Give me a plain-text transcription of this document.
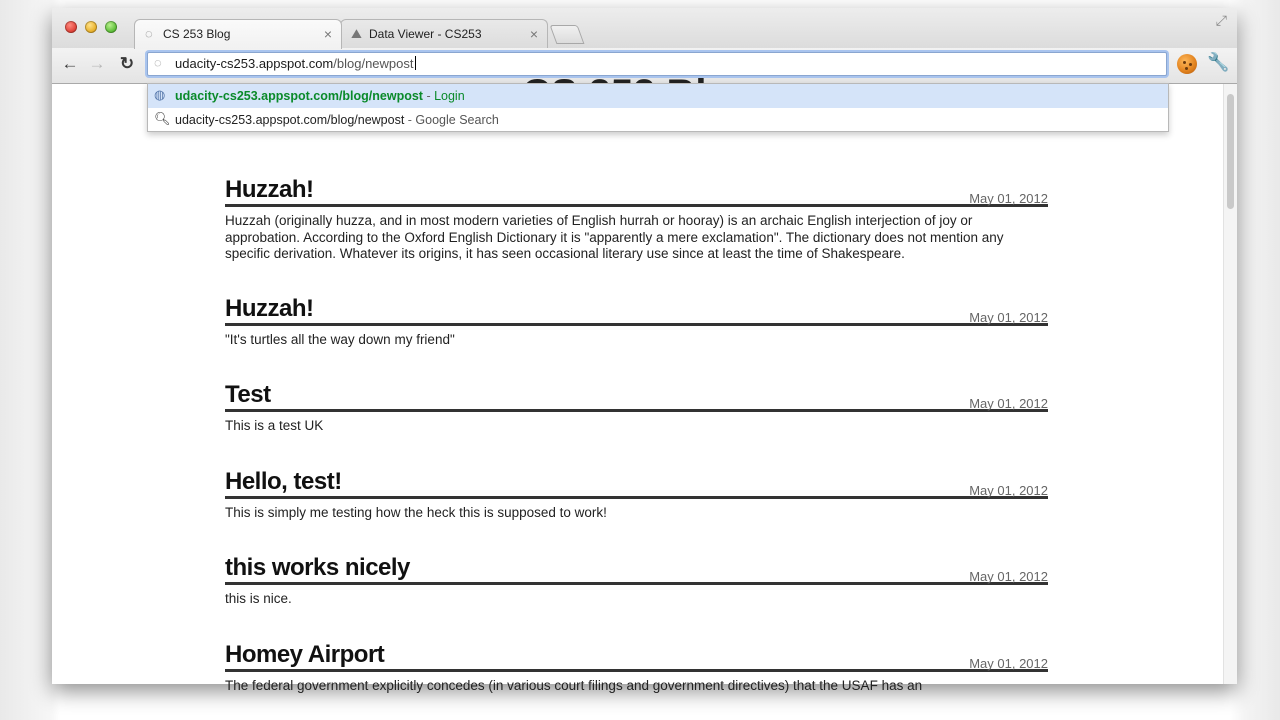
⛰ Data Viewer - CS253	×
◌ CS 253 Blog	×
⤢
← → ↻ ◌	udacity-cs253.appspot.com/blog/newpost	🔧
Huzzah!	May 01, 2012
Huzzah (originally huzza, and in most modern varieties of English hurrah or hooray) is an archaic English interjection of joy or approbation. According to the Oxford English Dictionary it is "apparently a mere exclamation". The dictionary does not mention any specific derivation. Whatever its origins, it has seen occasional literary use since at least the time of Shakespeare.
Huzzah!	May 01, 2012
"It's turtles all the way down my friend"
Test	May 01, 2012
This is a test UK
Hello, test!	May 01, 2012
This is simply me testing how the heck this is supposed to work!
this works nicely	May 01, 2012
this is nice.
Homey Airport	May 01, 2012
The federal government explicitly concedes (in various court filings and government directives) that the USAF has an
◍ udacity-cs253.appspot.com/blog/newpost - Login
🔍︎ udacity-cs253.appspot.com/blog/newpost - Google Search
